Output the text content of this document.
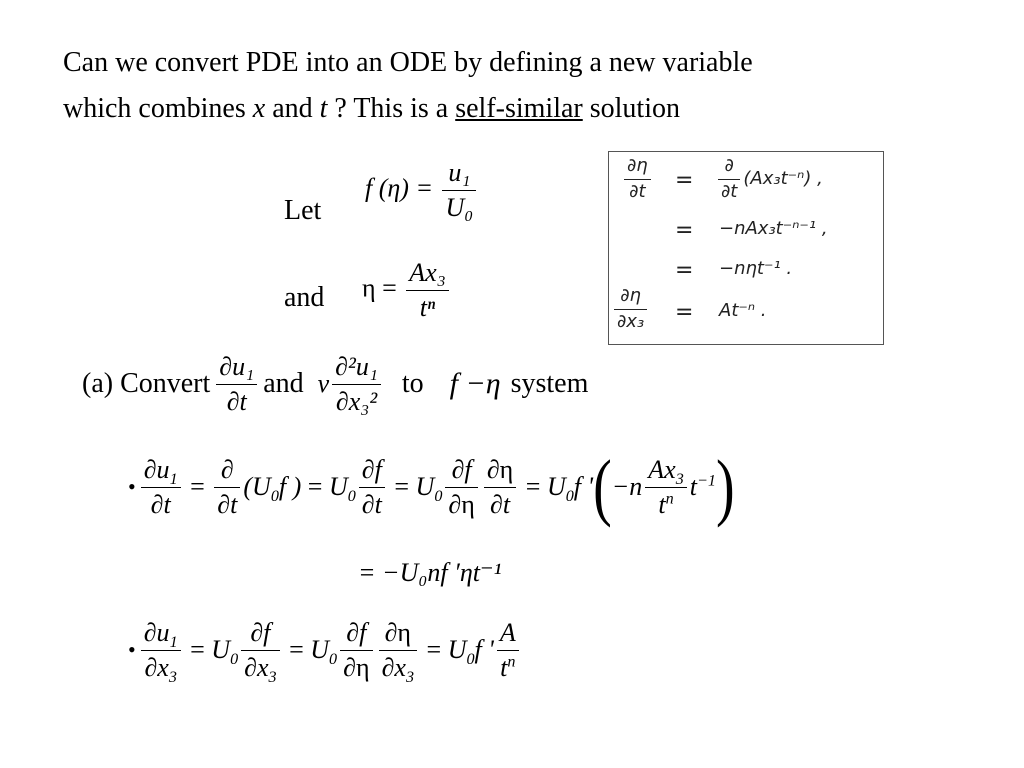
Can we convert PDE into an ODE by defining a new variable
which combines x and t ? This is a self-similar solution
Let
f $(\eta) = \frac{\text{u₁}}{\text{U₀}}$
and $\eta = \frac{\text{Ax₃}}{\text{tⁿ}}$
$\frac{\partial\eta}{\partial t} = \frac{\partial}{\partial t} (Ax_3t^{-n})$ ,
= −nAx₃t⁻ⁿ⁻¹ ,
= −nηt⁻¹ .
$\frac{\partial\eta}{\text{∂x₃}} = At^{-n}$ .
(a) Convert $\frac{\text{∂u₁}}{\partial t}$ and v $\frac{\text{∂²u₁}}{\text{∂x₃²}}$ to f −η system
• $\frac{\partial u_1}{\partial t} = \frac{\partial}{\partial t} (U_0f$ ) = $U_0 \frac{\partial f}{\partial t} = U_0 \frac{\partial f}{\partial\eta} \frac{\partial\eta}{\partial t} = U_0f$ ' ( $-n \frac{Ax_3}{t^n} t^{-1}$ )
= −U₀nf ′ηt⁻¹
• $\frac{\partial u_1}{\partial x_3} = U_0 \frac{\partial f}{\partial x_3} = U_0 \frac{\partial f}{\partial\eta} \frac{\partial\eta}{\partial x_3} = U_0f$ ' $\frac{A}{t^n}$
